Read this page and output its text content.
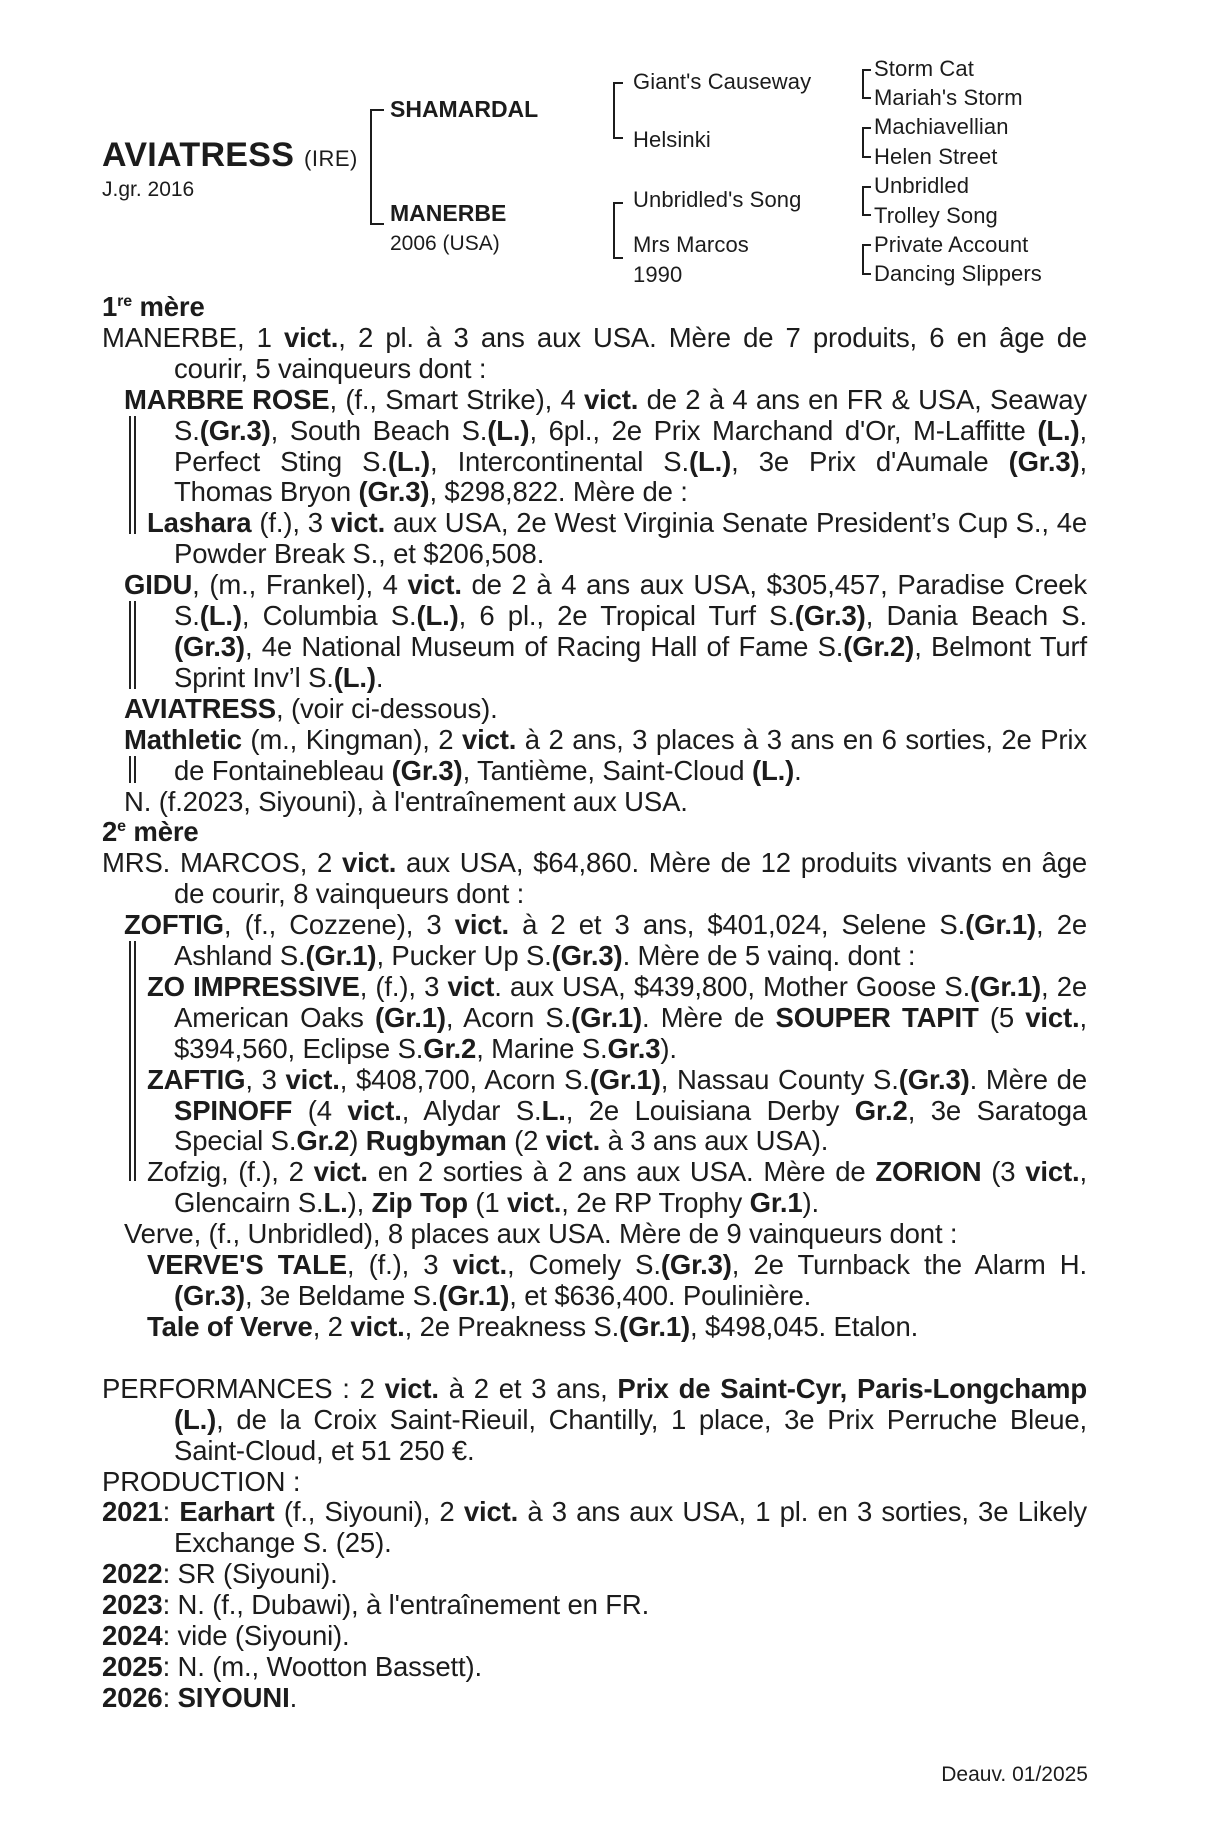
AVIATRESS (IRE)
J.gr. 2016
SHAMARDAL
MANERBE
2006 (USA)
Giant's Causeway
Helsinki
Unbridled's Song
Mrs Marcos
1990
Storm Cat
Mariah's Storm
Machiavellian
Helen Street
Unbridled
Trolley Song
Private Account
Dancing Slippers
1re mère
MANERBE, 1 vict., 2 pl. à 3 ans aux USA. Mère de 7 produits, 6 en âge de courir, 5 vainqueurs dont :
MARBRE ROSE, (f., Smart Strike), 4 vict. de 2 à 4 ans en FR & USA, Seaway S.(Gr.3), South Beach S.(L.), 6pl., 2e Prix Marchand d'Or, M-Laffitte (L.), Perfect Sting S.(L.), Intercontinental S.(L.), 3e Prix d'Aumale (Gr.3), Thomas Bryon (Gr.3), $298,822. Mère de :
Lashara (f.), 3 vict. aux USA, 2e West Virginia Senate President’s Cup S., 4e Powder Break S., et $206,508.
GIDU, (m., Frankel), 4 vict. de 2 à 4 ans aux USA, $305,457, Paradise Creek S.(L.), Columbia S.(L.), 6 pl., 2e Tropical Turf S.(Gr.3), Dania Beach S.(Gr.3), 4e National Museum of Racing Hall of Fame S.(Gr.2), Belmont Turf Sprint Inv’l S.(L.).
AVIATRESS, (voir ci-dessous).
Mathletic (m., Kingman), 2 vict. à 2 ans, 3 places à 3 ans en 6 sorties, 2e Prix de Fontainebleau (Gr.3), Tantième, Saint-Cloud (L.).
N. (f.2023, Siyouni), à l'entraînement aux USA.
2e mère
MRS. MARCOS, 2 vict. aux USA, $64,860. Mère de 12 produits vivants en âge de courir, 8 vainqueurs dont :
ZOFTIG, (f., Cozzene), 3 vict. à 2 et 3 ans, $401,024, Selene S.(Gr.1), 2e Ashland S.(Gr.1), Pucker Up S.(Gr.3). Mère de 5 vainq. dont :
ZO IMPRESSIVE, (f.), 3 vict. aux USA, $439,800, Mother Goose S.(Gr.1), 2e American Oaks (Gr.1), Acorn S.(Gr.1). Mère de SOUPER TAPIT (5 vict., $394,560, Eclipse S.Gr.2, Marine S.Gr.3).
ZAFTIG, 3 vict., $408,700, Acorn S.(Gr.1), Nassau County S.(Gr.3). Mère de SPINOFF (4 vict., Alydar S.L., 2e Louisiana Derby Gr.2, 3e Saratoga Special S.Gr.2) Rugbyman (2 vict. à 3 ans aux USA).
Zofzig, (f.), 2 vict. en 2 sorties à 2 ans aux USA. Mère de ZORION (3 vict., Glencairn S.L.), Zip Top (1 vict., 2e RP Trophy Gr.1).
Verve, (f., Unbridled), 8 places aux USA. Mère de 9 vainqueurs dont :
VERVE'S TALE, (f.), 3 vict., Comely S.(Gr.3), 2e Turnback the Alarm H. (Gr.3), 3e Beldame S.(Gr.1), et $636,400. Poulinière.
Tale of Verve, 2 vict., 2e Preakness S.(Gr.1), $498,045. Etalon.
PERFORMANCES : 2 vict. à 2 et 3 ans, Prix de Saint-Cyr, Paris-Longchamp (L.), de la Croix Saint-Rieuil, Chantilly, 1 place, 3e Prix Perruche Bleue, Saint-Cloud, et 51 250 €.
PRODUCTION :
2021: Earhart (f., Siyouni), 2 vict. à 3 ans aux USA, 1 pl. en 3 sorties, 3e Likely Exchange S. (25).
2022: SR (Siyouni).
2023: N. (f., Dubawi), à l'entraînement en FR.
2024: vide (Siyouni).
2025: N. (m., Wootton Bassett).
2026: SIYOUNI.
Deauv. 01/2025
